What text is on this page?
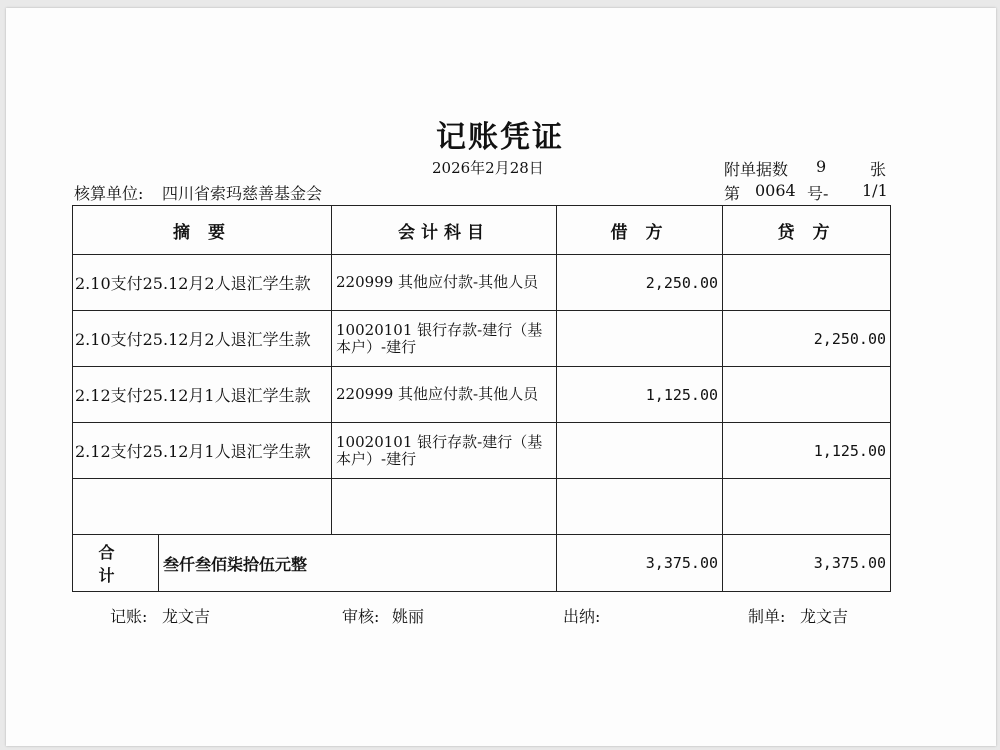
记账凭证
2026年2月28日	附单据数 9	张
核算单位: 四川省索玛慈善基金会	第 0064 号- 1/1
摘 要		会计科目	借 方	贷 方
2.10支付25.12月2人退汇学生款		220999 其他应付款-其他人员	2,250.00	
2.10支付25.12月2人退汇学生款		10020101 银行存款-建行（基本户）-建行		2,250.00
2.12支付25.12月1人退汇学生款		220999 其他应付款-其他人员	1,125.00	
2.12支付25.12月1人退汇学生款		10020101 银行存款-建行（基本户）-建行		1,125.00

合 计	叁仟叁佰柒拾伍元整		3,375.00	3,375.00
记账: 龙文吉	审核: 姚丽	出纳:	制单: 龙文吉
